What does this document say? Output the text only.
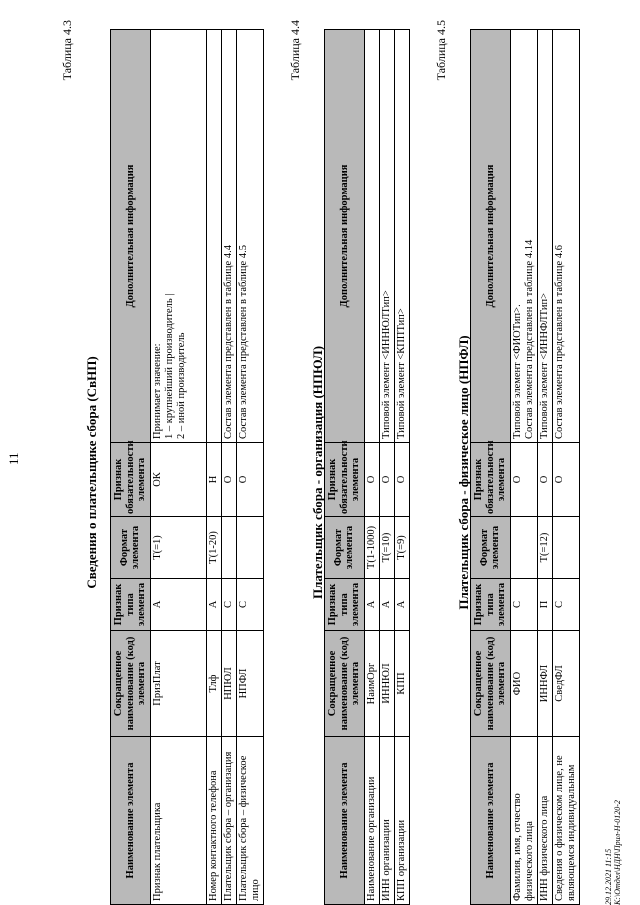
11
Таблица 4.3
Сведения о плательщике сбора (СвНП)
Наименование элемента	Сокращенное наименование (код) элемента	Признак типа элемента	Формат элемента	Признак обязательности элемента	Дополнительная информация
Признак плательщика	ПризПлат	А	Т(=1)	ОК	Принимает значение:
1 – крупнейший производитель |
2 – иной производитель
Номер контактного телефона	Тлф	А	Т(1-20)	Н	
Плательщик сбора – организация	НПЮЛ	С		О	Состав элемента представлен в таблице 4.4
Плательщик сбора – физическое лицо	НПФЛ	С		О	Состав элемента представлен в таблице 4.5
Таблица 4.4
Плательщик сбора - организация (НПЮЛ)
Наименование элемента	Сокращенное наименование (код) элемента	Признак типа элемента	Формат элемента	Признак обязательности элемента	Дополнительная информация
Наименование организации	НаимОрг	А	Т(1-1000)	О	
ИНН организации	ИННЮЛ	А	Т(=10)	О	Типовой элемент <ИННЮЛТип>
КПП организации	КПП	А	Т(=9)	О	Типовой элемент <КППТип>
Таблица 4.5
Плательщик сбора - физическое лицо (НПФЛ)
Наименование элемента	Сокращенное наименование (код) элемента	Признак типа элемента	Формат элемента	Признак обязательности элемента	Дополнительная информация
Фамилия, имя, отчество физического лица	ФИО	С		О	Типовой элемент <ФИОТип>.
Состав элемента представлен в таблице 4.14
ИНН физического лица	ИННФЛ	П	Т(=12)	О	Типовой элемент <ИННФЛТип>
Сведения о физическом лице, не являющемся индивидуальным	СведФЛ	С		О	Состав элемента представлен в таблице 4.6
29.12.2021 11:15 К:\Отдел\НДН\Прил-Н-0120-2
